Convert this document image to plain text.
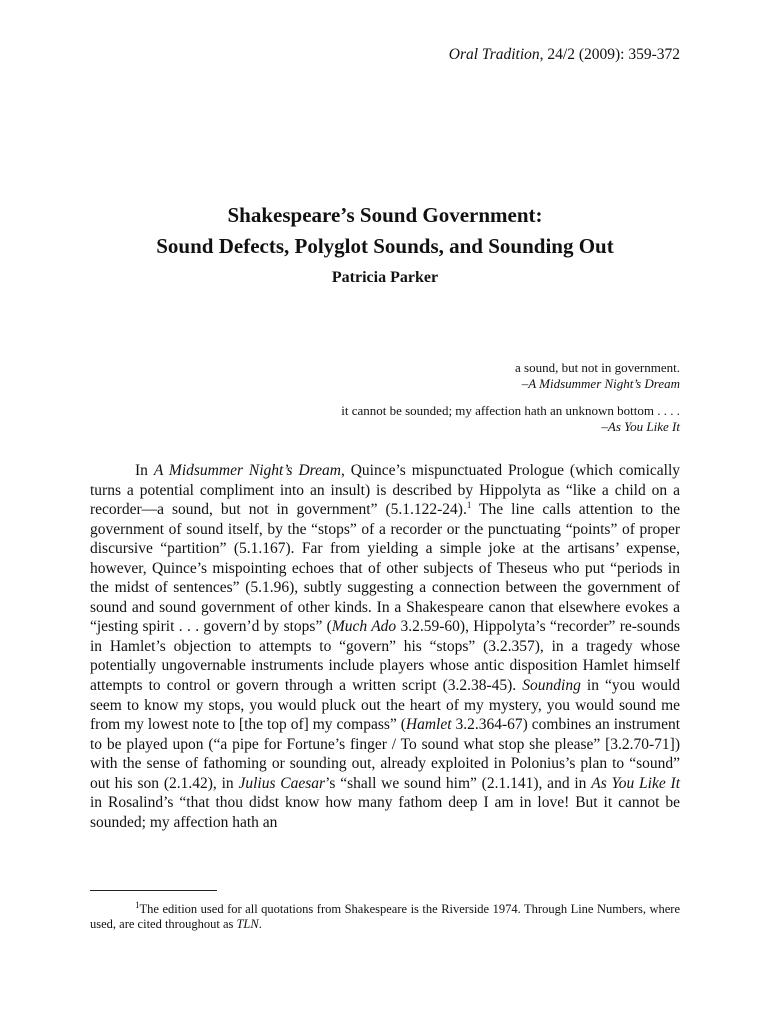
Oral Tradition, 24/2 (2009): 359-372

Shakespeare’s Sound Government:

Sound Defects, Polyglot Sounds, and Sounding Out

Patricia Parker
a sound, but not in government.
–A Midsummer Night’s Dream
it cannot be sounded; my affection hath an unknown bottom . . . .
–As You Like It

In A Midsummer Night’s Dream, Quince’s mispunctuated Prologue (which comically turns a potential compliment into an insult) is described by Hippolyta as “like a child on a recorder—a sound, but not in government” (5.1.122-24).$^1$ The line calls attention to the government of sound itself, by the “stops” of a recorder or the punctuating “points” of proper discursive “partition” (5.1.167). Far from yielding a simple joke at the artisans’ expense, however, Quince’s mispointing echoes that of other subjects of Theseus who put “periods in the midst of sentences” (5.1.96), subtly suggesting a connection between the government of sound and sound government of other kinds. In a Shakespeare canon that elsewhere evokes a “jesting spirit . . . govern’d by stops” (Much Ado 3.2.59-60), Hippolyta’s “recorder” re-sounds in Hamlet’s objection to attempts to “govern” his “stops” (3.2.357), in a tragedy whose potentially ungovernable instruments include players whose antic disposition Hamlet himself attempts to control or govern through a written script (3.2.38-45). Sounding in “you would seem to know my stops, you would pluck out the heart of my mystery, you would sound me from my lowest note to [the top of] my compass” (Hamlet 3.2.364-67) combines an instrument to be played upon (“a pipe for Fortune’s finger / To sound what stop she please” [3.2.70-71]) with the sense of fathoming or sounding out, already exploited in Polonius’s plan to “sound” out his son (2.1.42), in Julius Caesar’s “shall we sound him” (2.1.141), and in As You Like It in Rosalind’s “that thou didst know how many fathom deep I am in love! But it cannot be sounded; my affection hath an

$^1$The edition used for all quotations from Shakespeare is the Riverside 1974. Through Line Numbers, where used, are cited throughout as TLN.
